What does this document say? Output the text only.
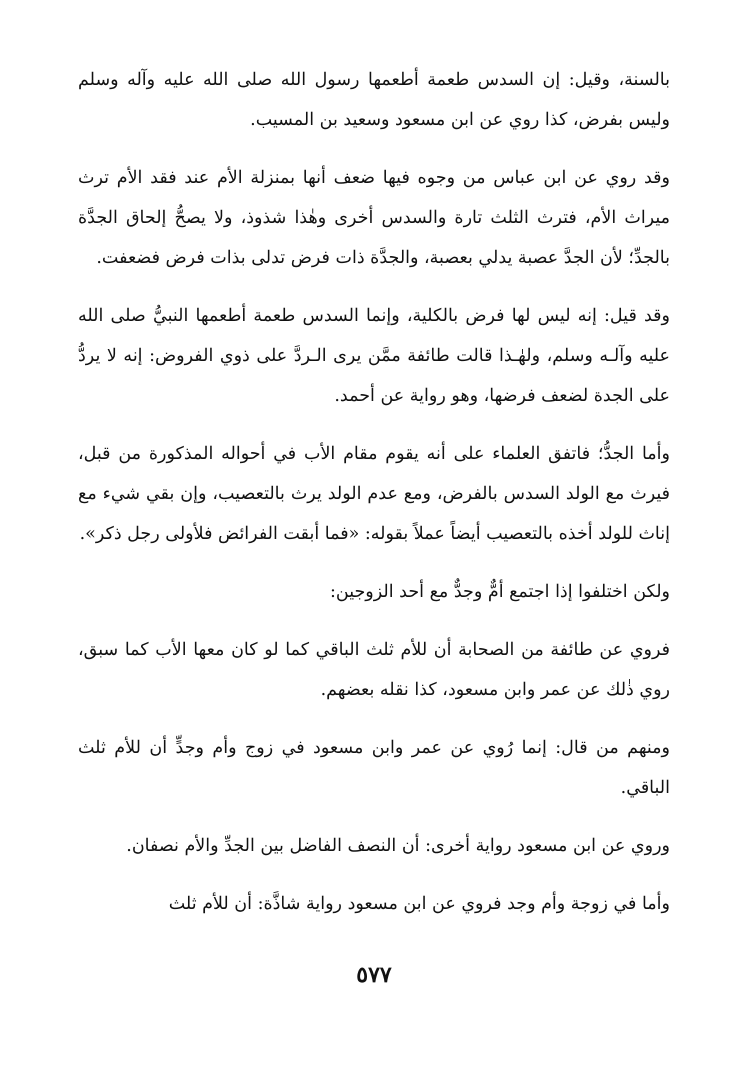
بالسنة، وقيل: إن السدس طعمة أطعمها رسول الله صلى الله عليه وآله وسلم وليس بفرض، كذا روي عن ابن مسعود وسعيد بن المسيب.

وقد روي عن ابن عباس من وجوه فيها ضعف أنها بمنزلة الأم عند فقد الأم ترث ميراث الأم، فترث الثلث تارة والسدس أخرى وهٰذا شذوذ، ولا يصحُّ إلحاق الجدَّة بالجدِّ؛ لأن الجدَّ عصبة يدلي بعصبة، والجدَّة ذات فرض تدلى بذات فرض فضعفت.

وقد قيل: إنه ليس لها فرض بالكلية، وإنما السدس طعمة أطعمها النبيُّ صلى الله عليه وآلـه وسلم، ولهٰـذا قالت طائفة ممَّن يرى الـردَّ على ذوي الفروض: إنه لا يردُّ على الجدة لضعف فرضها، وهو رواية عن أحمد.

وأما الجدُّ؛ فاتفق العلماء على أنه يقوم مقام الأب في أحواله المذكورة من قبل، فيرث مع الولد السدس بالفرض، ومع عدم الولد يرث بالتعصيب، وإن بقي شيء مع إناث للولد أخذه بالتعصيب أيضاً عملاً بقوله: «فما أبقت الفرائض فلأولى رجل ذكر».

ولكن اختلفوا إذا اجتمع أمٌّ وجدٌّ مع أحد الزوجين:

فروي عن طائفة من الصحابة أن للأم ثلث الباقي كما لو كان معها الأب كما سبق، روي ذٰلك عن عمر وابن مسعود، كذا نقله بعضهم.

ومنهم من قال: إنما رُوي عن عمر وابن مسعود في زوج وأم وجدٍّ أن للأم ثلث الباقي.

وروي عن ابن مسعود رواية أخرى: أن النصف الفاضل بين الجدِّ والأم نصفان.

وأما في زوجة وأم وجد فروي عن ابن مسعود رواية شاذَّة: أن للأم ثلث

٥٧٧
